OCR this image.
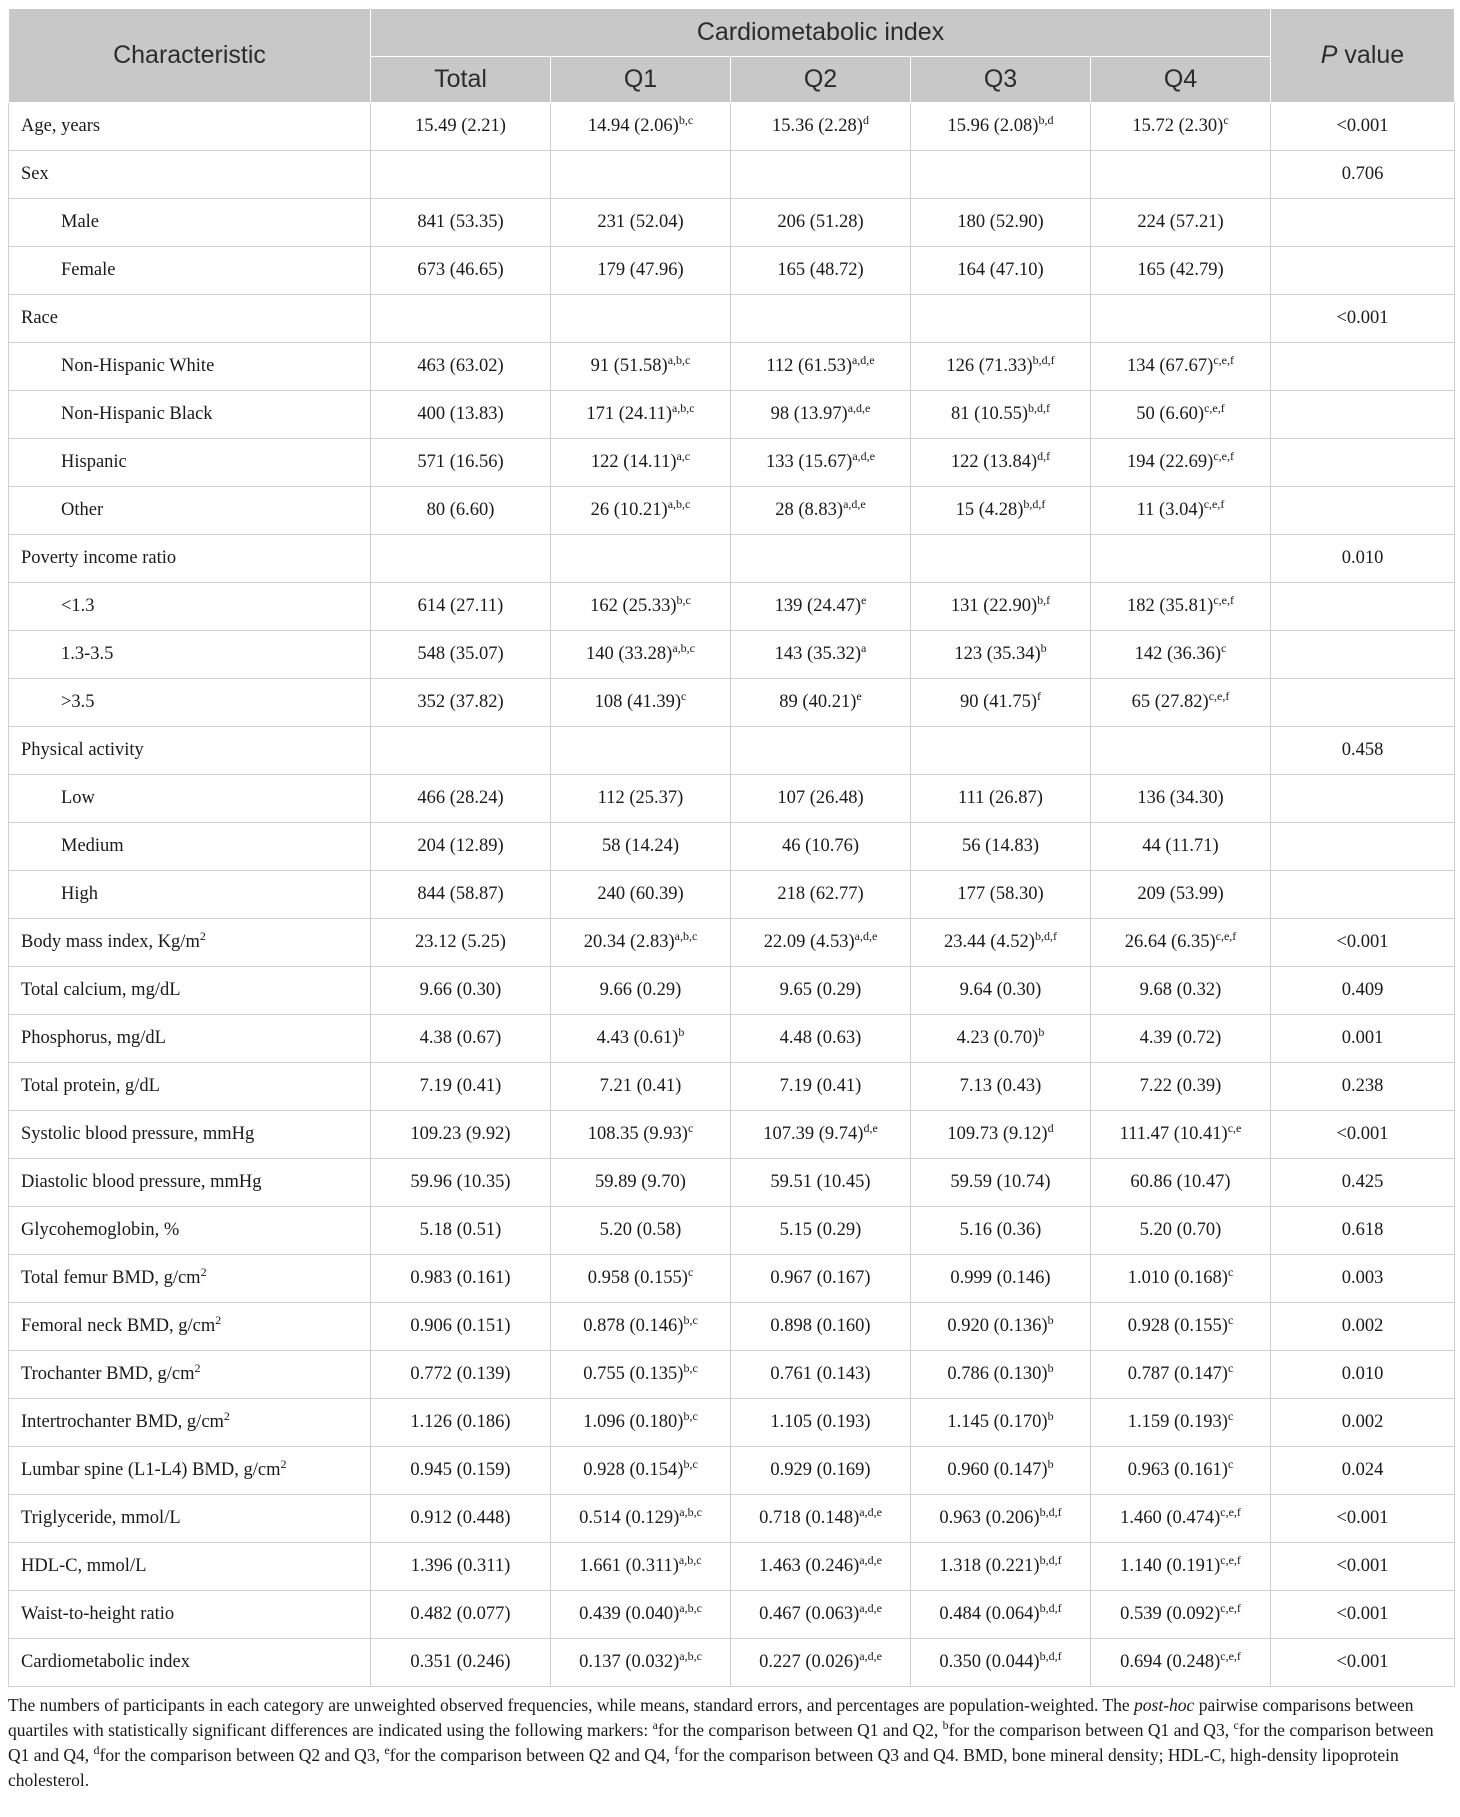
Characteristic	Cardiometabolic index					P value
	Total	Q1	Q2	Q3	Q4	
Age, years	15.49 (2.21)	14.94 $(2.06)^{b,c}$	15.36 $(2.28)^d$	15.96 $(2.08)^{b,d}$	15.72 $(2.30)^c$	<0.001
Sex						0.706
Male	841 (53.35)	231 (52.04)	206 (51.28)	180 (52.90)	224 (57.21)	
Female	673 (46.65)	179 (47.96)	165 (48.72)	164 (47.10)	165 (42.79)	
Race						<0.001
Non-Hispanic White	463 (63.02)	91 $(51.58)^{a,b,c}$	112 $(61.53)^{a,d,e}$	126 $(71.33)^{b,d,f}$	134 $(67.67)^{c,e,f}$	
Non-Hispanic Black	400 (13.83)	171 $(24.11)^{a,b,c}$	98 $(13.97)^{a,d,e}$	81 $(10.55)^{b,d,f}$	50 $(6.60)^{c,e,f}$	
Hispanic	571 (16.56)	122 $(14.11)^{a,c}$	133 $(15.67)^{a,d,e}$	122 $(13.84)^{d,f}$	194 $(22.69)^{c,e,f}$	
Other	80 (6.60)	26 $(10.21)^{a,b,c}$	28 $(8.83)^{a,d,e}$	15 $(4.28)^{b,d,f}$	11 $(3.04)^{c,e,f}$	
Poverty income ratio						0.010
<1.3	614 (27.11)	162 $(25.33)^{b,c}$	139 $(24.47)^e$	131 $(22.90)^{b,f}$	182 $(35.81)^{c,e,f}$	
1.3-3.5	548 (35.07)	140 $(33.28)^{a,b,c}$	143 $(35.32)^a$	123 $(35.34)^b$	142 $(36.36)^c$	
>3.5	352 (37.82)	108 $(41.39)^c$	89 $(40.21)^e$	90 $(41.75)^f$	65 $(27.82)^{c,e,f}$	
Physical activity						0.458
Low	466 (28.24)	112 (25.37)	107 (26.48)	111 (26.87)	136 (34.30)	
Medium	204 (12.89)	58 (14.24)	46 (10.76)	56 (14.83)	44 (11.71)	
High	844 (58.87)	240 (60.39)	218 (62.77)	177 (58.30)	209 (53.99)	
Body mass index, $Kg/m^2$	23.12 (5.25)	20.34 $(2.83)^{a,b,c}$	22.09 $(4.53)^{a,d,e}$	23.44 $(4.52)^{b,d,f}$	26.64 $(6.35)^{c,e,f}$	<0.001
Total calcium, mg/dL	9.66 (0.30)	9.66 (0.29)	9.65 (0.29)	9.64 (0.30)	9.68 (0.32)	0.409
Phosphorus, mg/dL	4.38 (0.67)	4.43 $(0.61)^b$	4.48 (0.63)	4.23 $(0.70)^b$	4.39 (0.72)	0.001
Total protein, g/dL	7.19 (0.41)	7.21 (0.41)	7.19 (0.41)	7.13 (0.43)	7.22 (0.39)	0.238
Systolic blood pressure, mmHg	109.23 (9.92)	108.35 $(9.93)^c$	107.39 $(9.74)^{d,e}$	109.73 $(9.12)^d$	111.47 $(10.41)^{c,e}$	<0.001
Diastolic blood pressure, mmHg	59.96 (10.35)	59.89 (9.70)	59.51 (10.45)	59.59 (10.74)	60.86 (10.47)	0.425
Glycohemoglobin, %	5.18 (0.51)	5.20 (0.58)	5.15 (0.29)	5.16 (0.36)	5.20 (0.70)	0.618
Total femur BMD, $g/cm^2$	0.983 (0.161)	0.958 $(0.155)^c$	0.967 (0.167)	0.999 (0.146)	1.010 $(0.168)^c$	0.003
Femoral neck BMD, $g/cm^2$	0.906 (0.151)	0.878 $(0.146)^{b,c}$	0.898 (0.160)	0.920 $(0.136)^b$	0.928 $(0.155)^c$	0.002
Trochanter BMD, $g/cm^2$	0.772 (0.139)	0.755 $(0.135)^{b,c}$	0.761 (0.143)	0.786 $(0.130)^b$	0.787 $(0.147)^c$	0.010
Intertrochanter BMD, $g/cm^2$	1.126 (0.186)	1.096 $(0.180)^{b,c}$	1.105 (0.193)	1.145 $(0.170)^b$	1.159 $(0.193)^c$	0.002
Lumbar spine (L1-L4) BMD, $g/cm^2$	0.945 (0.159)	0.928 $(0.154)^{b,c}$	0.929 (0.169)	0.960 $(0.147)^b$	0.963 $(0.161)^c$	0.024
Triglyceride, mmol/L	0.912 (0.448)	0.514 $(0.129)^{a,b,c}$	0.718 $(0.148)^{a,d,e}$	0.963 $(0.206)^{b,d,f}$	1.460 $(0.474)^{c,e,f}$	<0.001
HDL-C, mmol/L	1.396 (0.311)	1.661 $(0.311)^{a,b,c}$	1.463 $(0.246)^{a,d,e}$	1.318 $(0.221)^{b,d,f}$	1.140 $(0.191)^{c,e,f}$	<0.001
Waist-to-height ratio	0.482 (0.077)	0.439 $(0.040)^{a,b,c}$	0.467 $(0.063)^{a,d,e}$	0.484 $(0.064)^{b,d,f}$	0.539 $(0.092)^{c,e,f}$	<0.001
Cardiometabolic index	0.351 (0.246)	0.137 $(0.032)^{a,b,c}$	0.227 $(0.026)^{a,d,e}$	0.350 $(0.044)^{b,d,f}$	0.694 $(0.248)^{c,e,f}$	<0.001
The numbers of participants in each category are unweighted observed frequencies, while means, standard errors, and percentages are population-weighted. The post-hoc pairwise comparisons between quartiles with statistically significant differences are indicated using the following markers: $^a$for the comparison between Q1 and Q2, $^b$for the comparison between Q1 and Q3, $^c$for the comparison between Q1 and Q4, $^d$for the comparison between Q2 and Q3, $^e$for the comparison between Q2 and Q4, $^f$for the comparison between Q3 and Q4. BMD, bone mineral density; HDL-C, high-density lipoprotein cholesterol.
